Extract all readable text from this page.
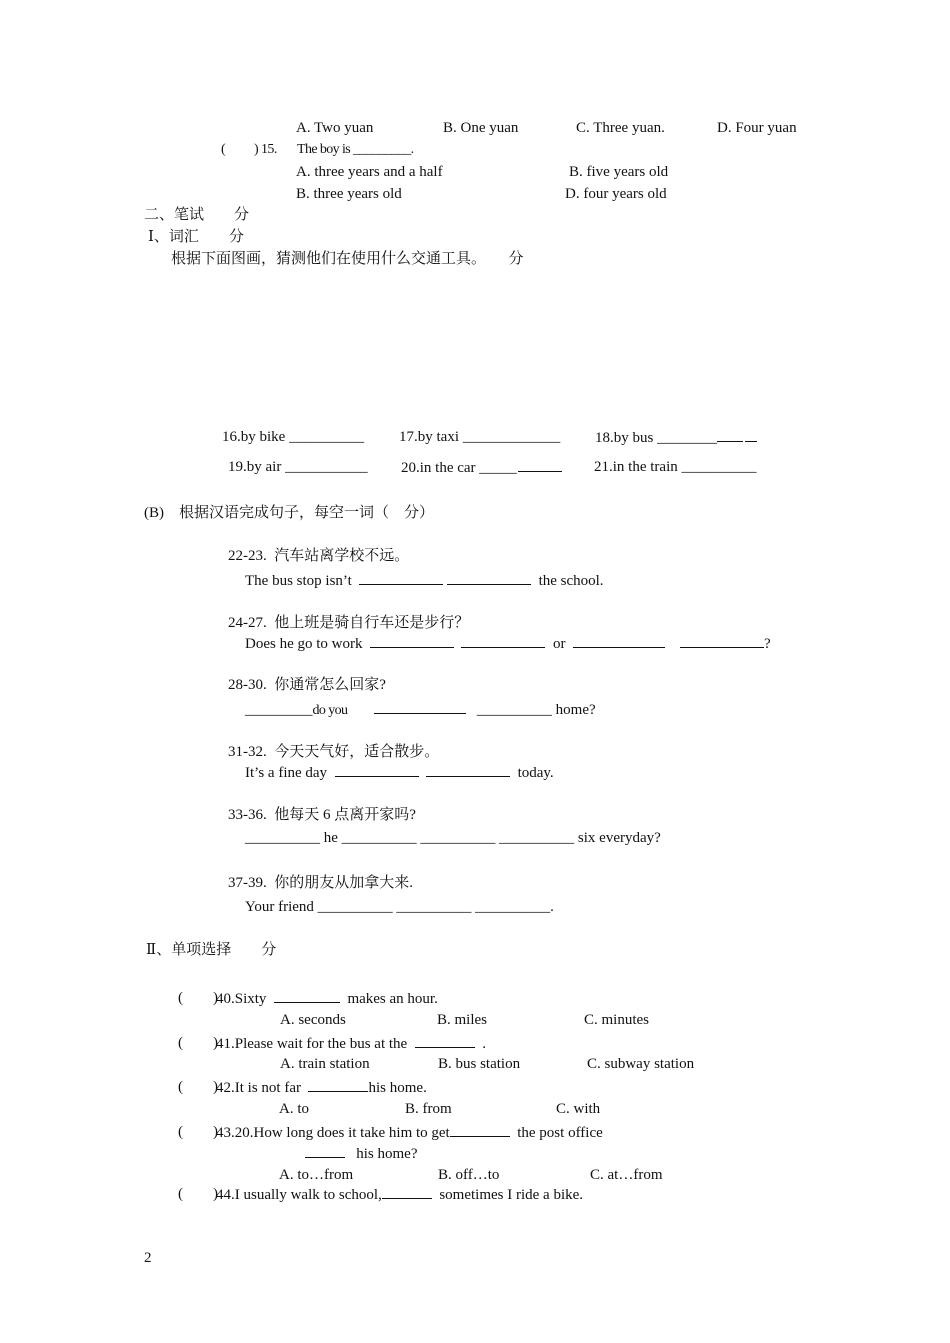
A. Two yuan	B. One yuan	C. Three yuan.	D. Four yuan
(          ) 15. The boy is _________.
A. three years and a half	B. five years old
B. three years old	D. four years old
二、笔试　　分
Ⅰ、词汇　　分
根据下面图画，猜测他们在使用什么交通工具。　　分
16.by bike __________ 17.by taxi _____________ 18.by bus ________
19.by air ___________ 20.in the car _____	21.in the train __________
(B)　根据汉语完成句子，每空一词（　分）
22-23.  汽车站离学校不远。
The bus stop isn’t	the school.
24-27.  他上班是骑自行车还是步行？
Does he go to work	or	?
28-30.  你通常怎么回家?
_________do you	__________ home?
31-32.  今天天气好，适合散步。
It’s a fine day	today.
33-36.  他每天 6 点离开家吗?
__________ he __________ __________ __________ six everyday?
37-39.  你的朋友从加拿大来.
Your friend __________ __________ __________.
Ⅱ、单项选择　　分
(        )
40.Sixty	makes an hour.
A. seconds	B. miles	C. minutes
(        )
41.Please wait for the bus at the	.
A. train station	B. bus station	C. subway station
(        )
42.It is not far	his home.
A. to	B. from	C. with
(        )
43.20.How long does it take him to get	the post office
his home?
A. to…from	B. off…to	C. at…from
(        )
44.I usually walk to school,	sometimes I ride a bike.
2
